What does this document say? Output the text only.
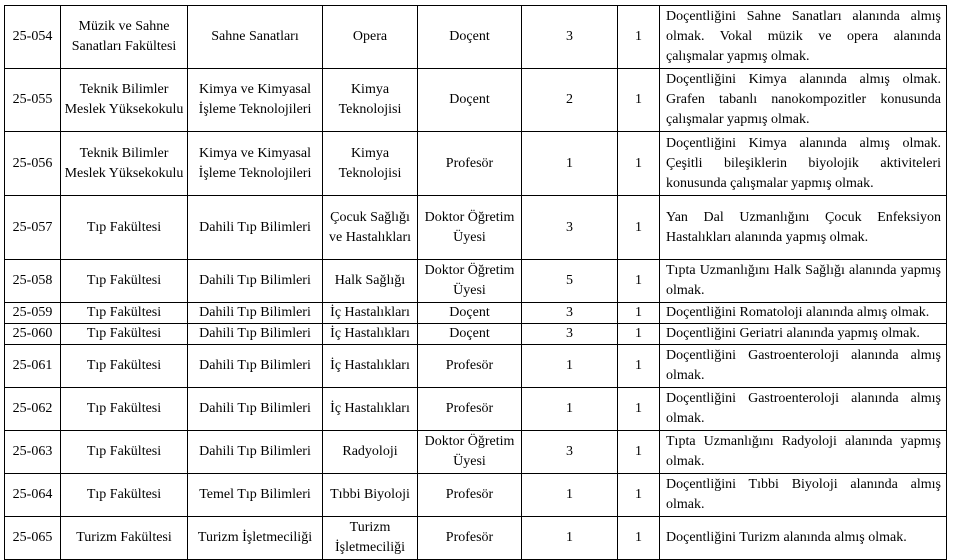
25-054	Müzik ve Sahne Sanatları Fakültesi	Sahne Sanatları	Opera	Doçent	3	1	Doçentliğini Sahne Sanatları alanında almış olmak. Vokal müzik ve opera alanında çalışmalar yapmış olmak.
25-055	Teknik Bilimler Meslek Yüksekokulu	Kimya ve Kimyasal İşleme Teknolojileri	Kimya Teknolojisi	Doçent	2	1	Doçentliğini Kimya alanında almış olmak. Grafen tabanlı nanokompozitler konusunda çalışmalar yapmış olmak.
25-056	Teknik Bilimler Meslek Yüksekokulu	Kimya ve Kimyasal İşleme Teknolojileri	Kimya Teknolojisi	Profesör	1	1	Doçentliğini Kimya alanında almış olmak. Çeşitli bileşiklerin biyolojik aktiviteleri konusunda çalışmalar yapmış olmak.
25-057	Tıp Fakültesi	Dahili Tıp Bilimleri	Çocuk Sağlığı ve Hastalıkları	Doktor Öğretim Üyesi	3	1	Yan Dal Uzmanlığını Çocuk Enfeksiyon Hastalıkları alanında yapmış olmak.
25-058	Tıp Fakültesi	Dahili Tıp Bilimleri	Halk Sağlığı	Doktor Öğretim Üyesi	5	1	Tıpta Uzmanlığını Halk Sağlığı alanında yapmış olmak.
25-059	Tıp Fakültesi	Dahili Tıp Bilimleri	İç Hastalıkları	Doçent	3	1	Doçentliğini Romatoloji alanında almış olmak.
25-060	Tıp Fakültesi	Dahili Tıp Bilimleri	İç Hastalıkları	Doçent	3	1	Doçentliğini Geriatri alanında yapmış olmak.
25-061	Tıp Fakültesi	Dahili Tıp Bilimleri	İç Hastalıkları	Profesör	1	1	Doçentliğini Gastroenteroloji alanında almış olmak.
25-062	Tıp Fakültesi	Dahili Tıp Bilimleri	İç Hastalıkları	Profesör	1	1	Doçentliğini Gastroenteroloji alanında almış olmak.
25-063	Tıp Fakültesi	Dahili Tıp Bilimleri	Radyoloji	Doktor Öğretim Üyesi	3	1	Tıpta Uzmanlığını Radyoloji alanında yapmış olmak.
25-064	Tıp Fakültesi	Temel Tıp Bilimleri	Tıbbi Biyoloji	Profesör	1	1	Doçentliğini Tıbbi Biyoloji alanında almış olmak.
25-065	Turizm Fakültesi	Turizm İşletmeciliği	Turizm İşletmeciliği	Profesör	1	1	Doçentliğini Turizm alanında almış olmak.
